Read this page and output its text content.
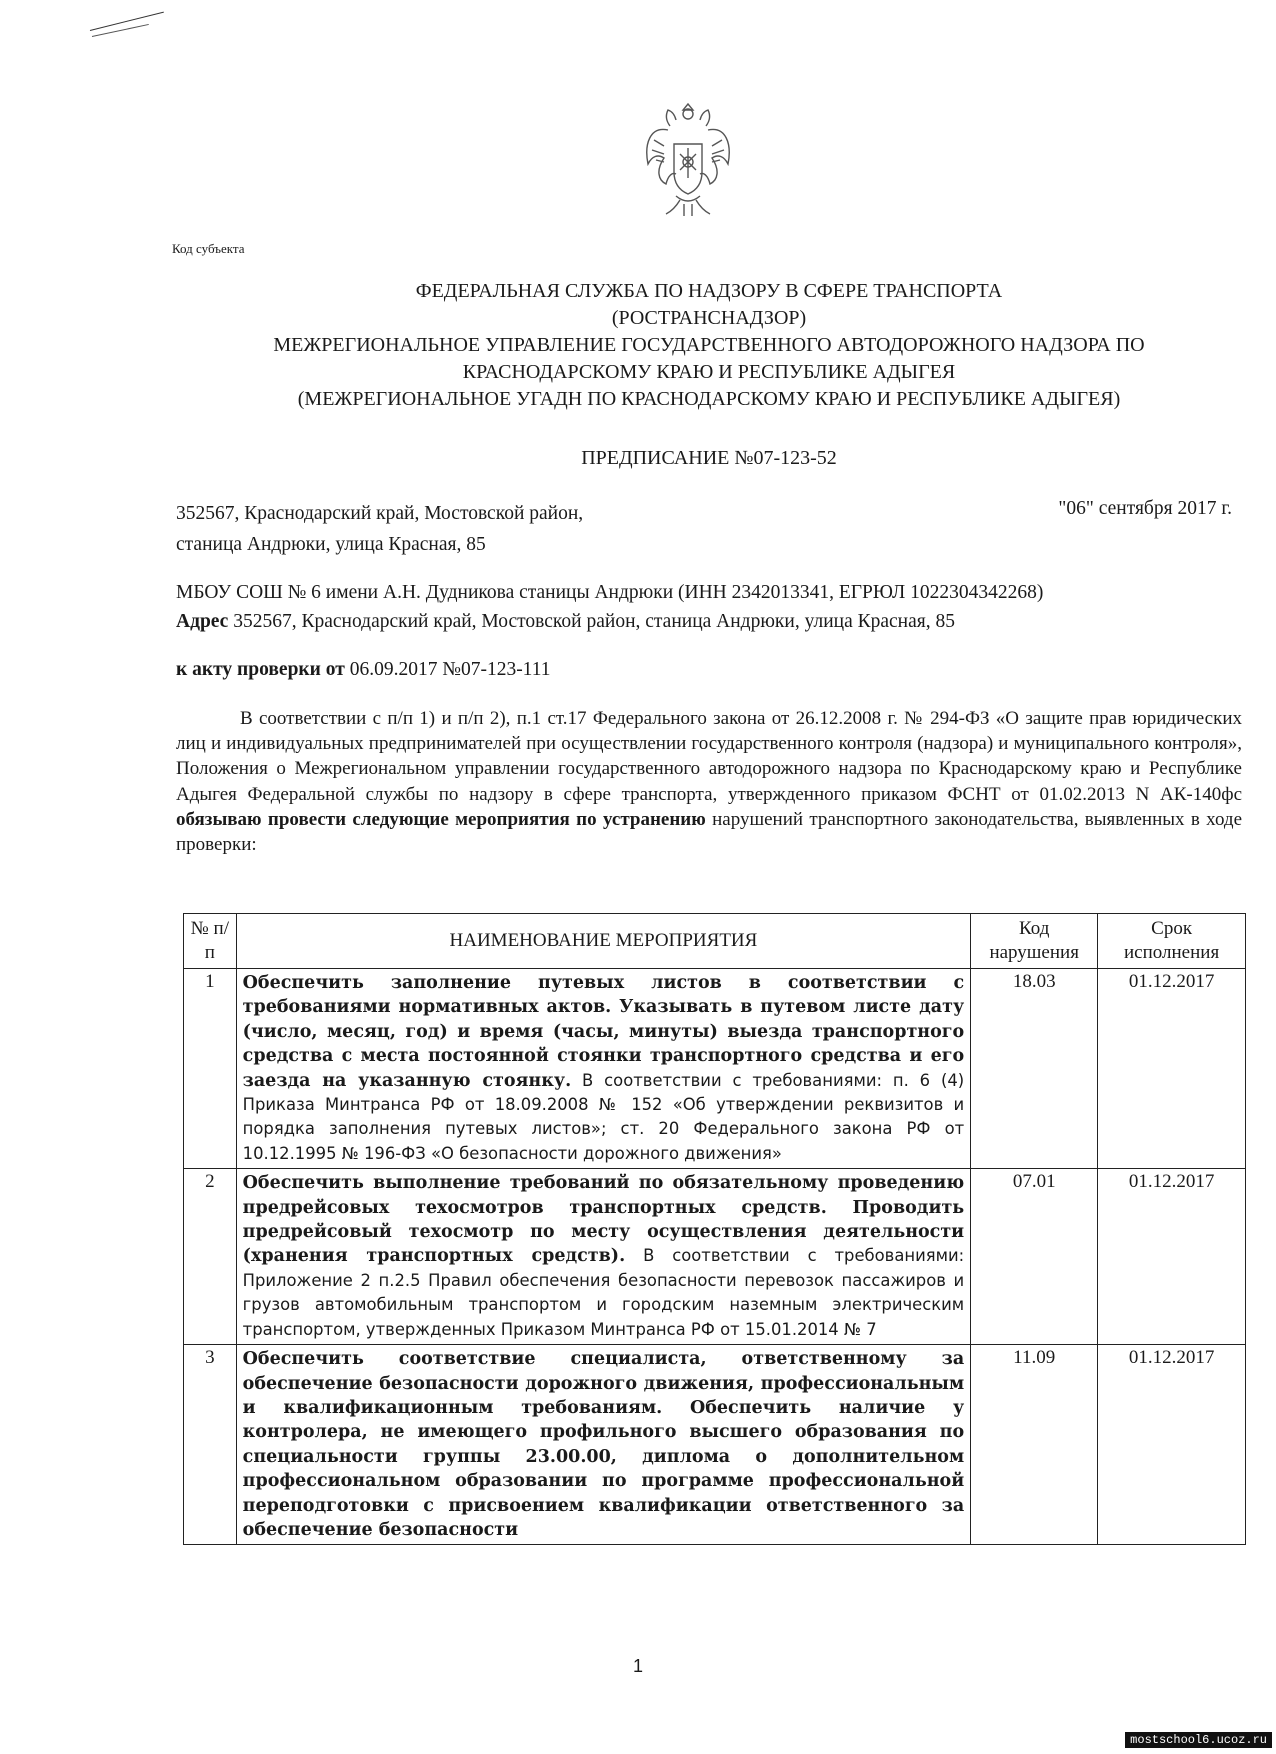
Код субъекта
ФЕДЕРАЛЬНАЯ СЛУЖБА ПО НАДЗОРУ В СФЕРЕ ТРАНСПОРТА
(РОСТРАНСНАДЗОР)
МЕЖРЕГИОНАЛЬНОЕ УПРАВЛЕНИЕ ГОСУДАРСТВЕННОГО АВТОДОРОЖНОГО НАДЗОРА ПО
КРАСНОДАРСКОМУ КРАЮ И РЕСПУБЛИКЕ АДЫГЕЯ
(МЕЖРЕГИОНАЛЬНОЕ УГАДН ПО КРАСНОДАРСКОМУ КРАЮ И РЕСПУБЛИКЕ АДЫГЕЯ)
ПРЕДПИСАНИЕ №07-123-52
352567, Краснодарский край, Мостовской район,
станица Андрюки, улица Красная, 85
"06" сентября 2017 г.
МБОУ СОШ № 6 имени А.Н. Дудникова станицы Андрюки (ИНН 2342013341, ЕГРЮЛ 1022304342268)
Адрес 352567, Краснодарский край, Мостовской район, станица Андрюки, улица Красная, 85
к акту проверки от 06.09.2017 №07-123-111
В соответствии с п/п 1) и п/п 2), п.1 ст.17 Федерального закона от 26.12.2008 г. № 294-ФЗ «О защите прав юридических лиц и индивидуальных предпринимателей при осуществлении государственного контроля (надзора) и муниципального контроля», Положения о Межрегиональном управлении государственного автодорожного надзора по Краснодарскому краю и Республике Адыгея Федеральной службы по надзору в сфере транспорта, утвержденного приказом ФСНТ от 01.02.2013 N АК-140фс обязываю провести следующие мероприятия по устранению нарушений транспортного законодательства, выявленных в ходе проверки:
№ п/п	НАИМЕНОВАНИЕ МЕРОПРИЯТИЯ	Код нарушения	Срок исполнения
1	Обеспечить заполнение путевых листов в соответствии с требованиями нормативных актов. Указывать в путевом листе дату (число, месяц, год) и время (часы, минуты) выезда транспортного средства с места постоянной стоянки транспортного средства и его заезда на указанную стоянку. В соответствии с требованиями: п. 6 (4) Приказа Минтранса РФ от 18.09.2008 № 152 «Об утверждении реквизитов и порядка заполнения путевых листов»; ст. 20 Федерального закона РФ от 10.12.1995 № 196-ФЗ «О безопасности дорожного движения»	18.03	01.12.2017
2	Обеспечить выполнение требований по обязательному проведению предрейсовых техосмотров транспортных средств. Проводить предрейсовый техосмотр по месту осуществления деятельности (хранения транспортных средств). В соответствии с требованиями: Приложение 2 п.2.5 Правил обеспечения безопасности перевозок пассажиров и грузов автомобильным транспортом и городским наземным электрическим транспортом, утвержденных Приказом Минтранса РФ от 15.01.2014 № 7	07.01	01.12.2017
3	Обеспечить соответствие специалиста, ответственному за обеспечение безопасности дорожного движения, профессиональным и квалификационным требованиям. Обеспечить наличие у контролера, не имеющего профильного высшего образования по специальности группы 23.00.00, диплома о дополнительном профессиональном образовании по программе профессиональной переподготовки с присвоением квалификации ответственного за обеспечение безопасности	11.09	01.12.2017
1
mostschool6.ucoz.ru
